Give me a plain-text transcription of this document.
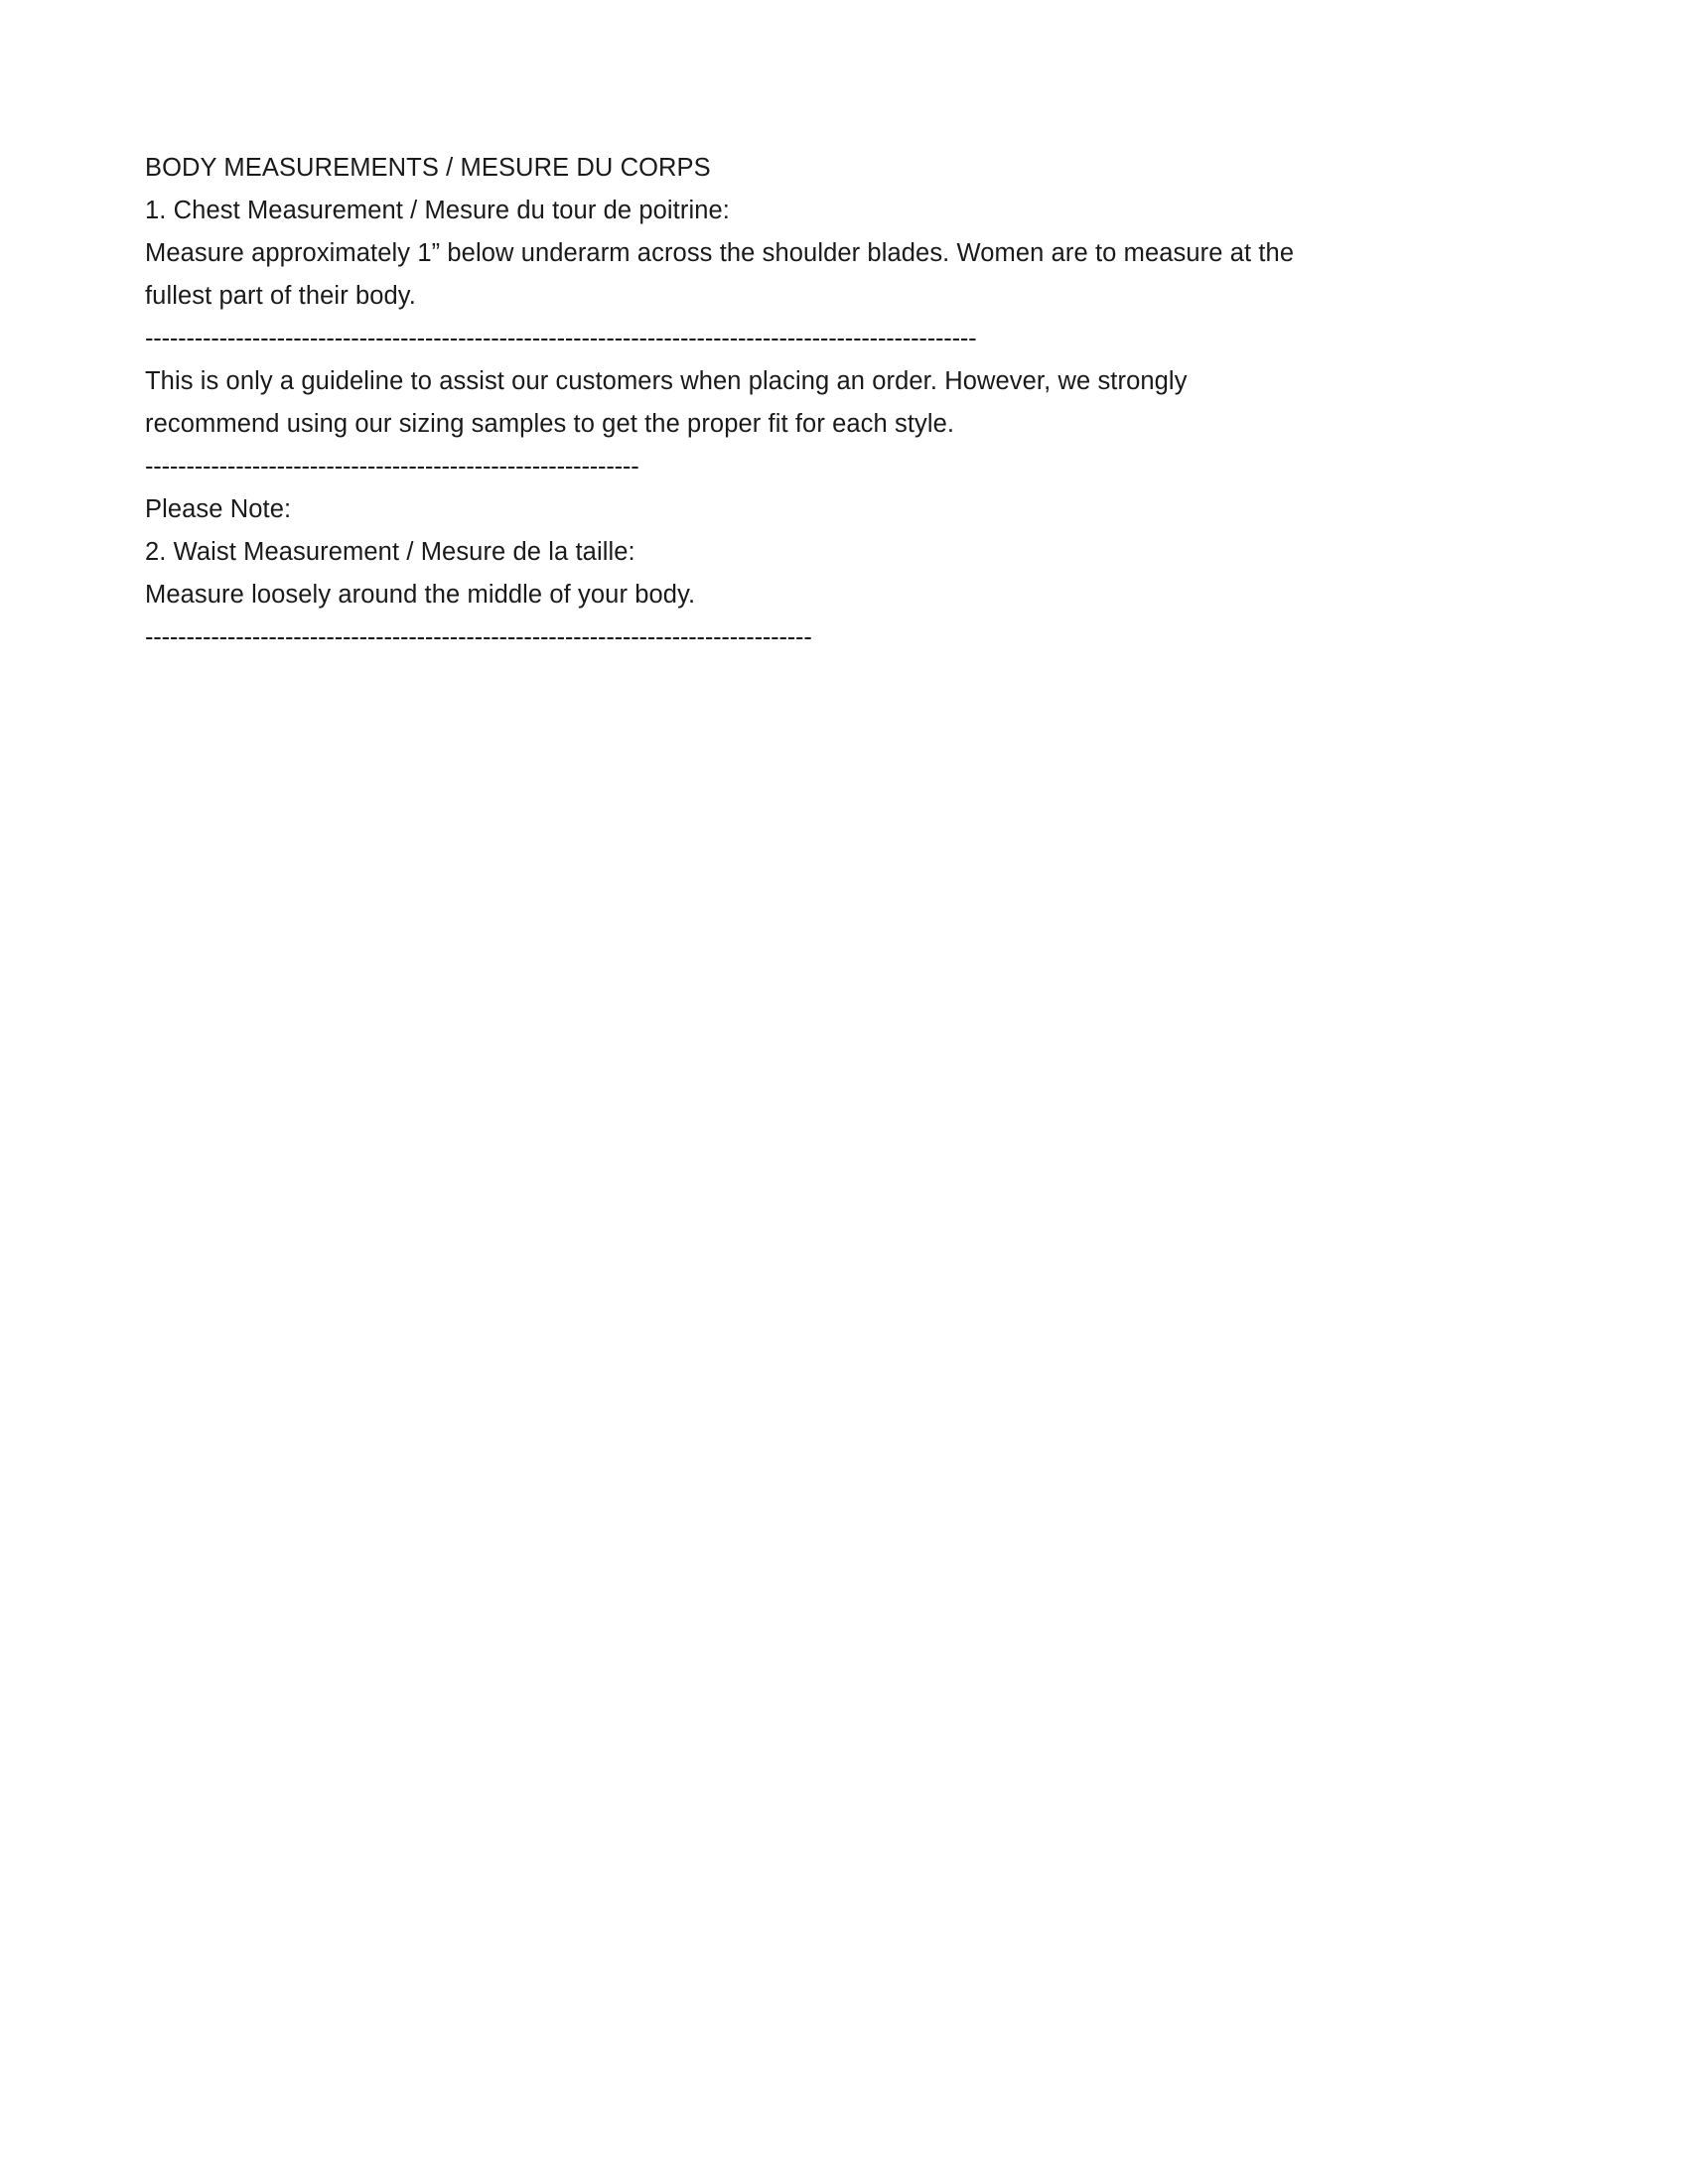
BODY MEASUREMENTS / MESURE DU CORPS
1. Chest Measurement / Mesure du tour de poitrine:
Measure approximately 1” below underarm across the shoulder blades. Women are to measure at the fullest part of their body.
-----------------------------------------------------------------------------------------------------
This is only a guideline to assist our customers when placing an order. However, we strongly recommend using our sizing samples to get the proper fit for each style.
------------------------------------------------------------
Please Note:
2. Waist Measurement / Mesure de la taille:
Measure loosely around the middle of your body.
---------------------------------------------------------------------------------
